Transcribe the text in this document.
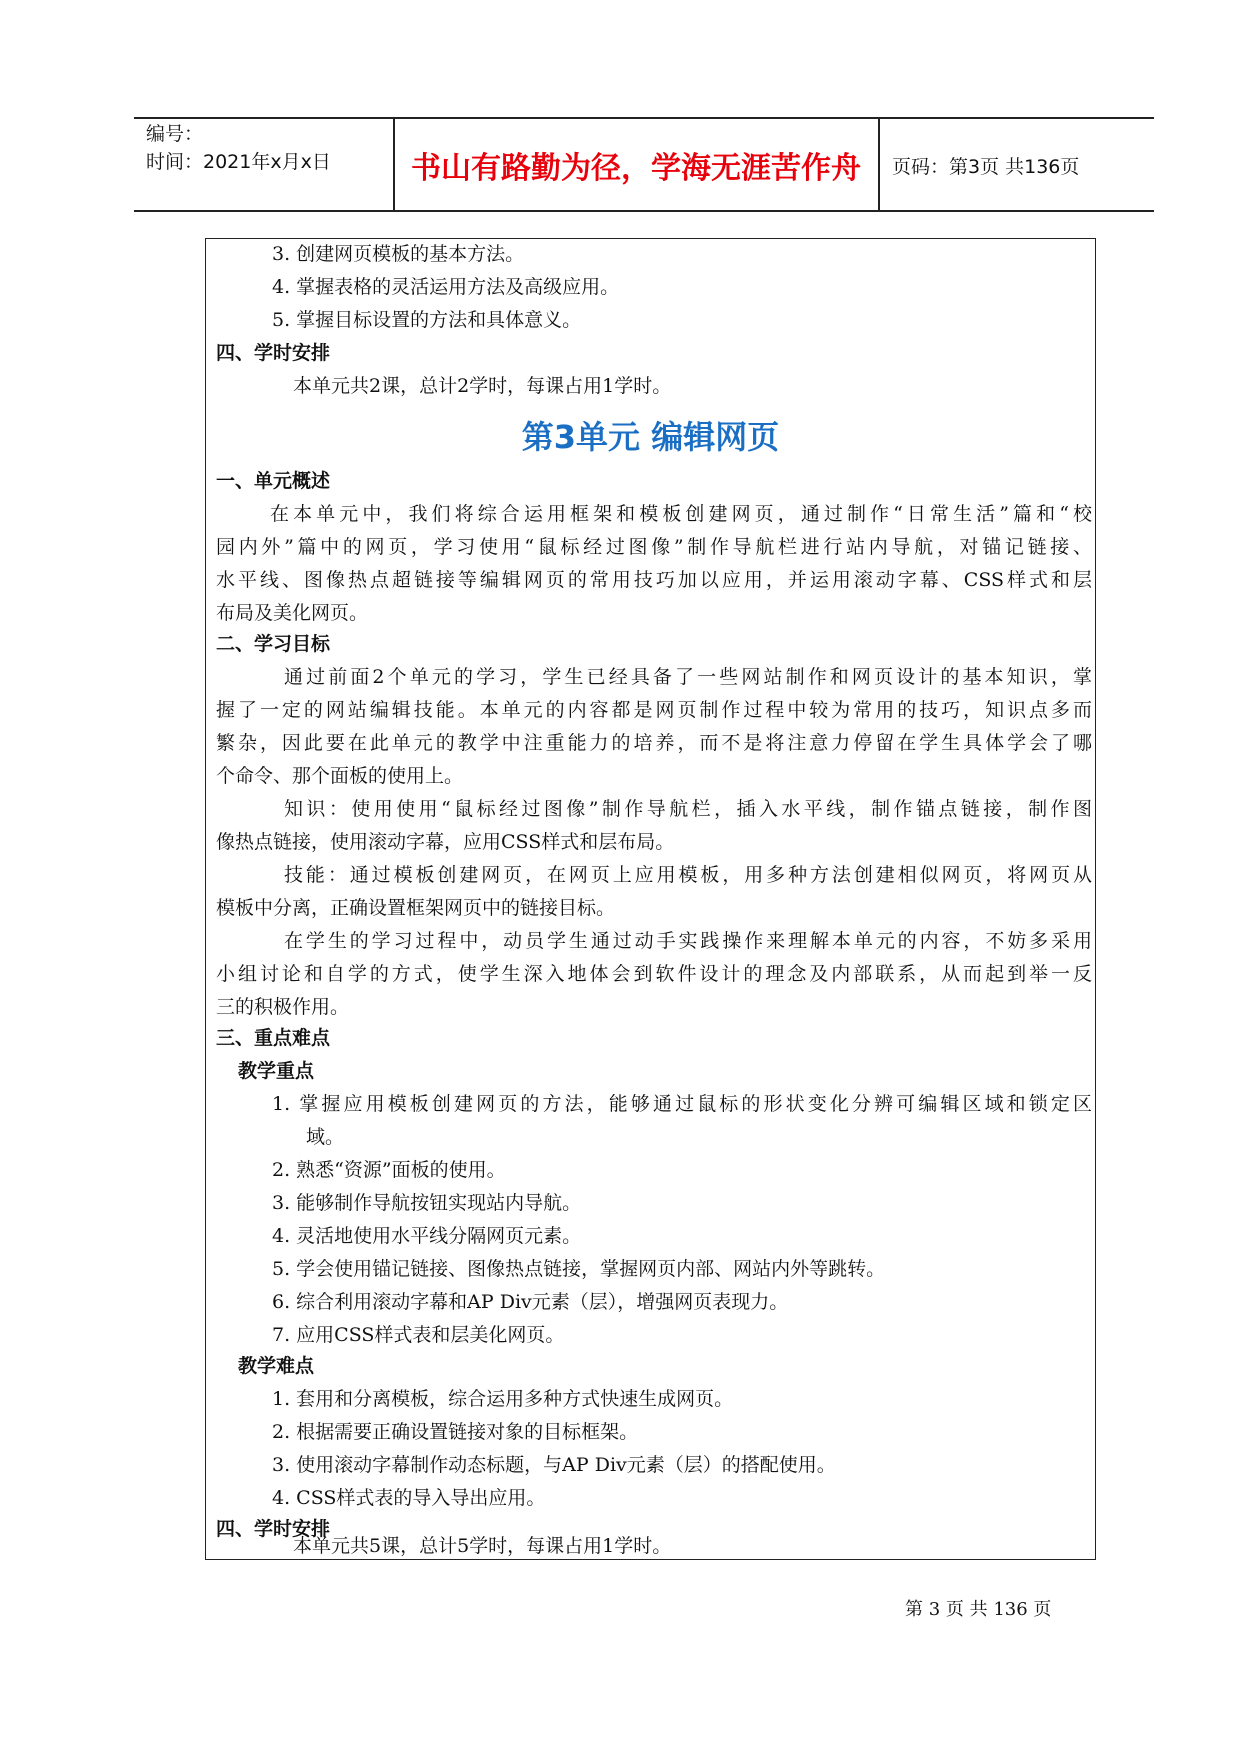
编号：
时间：2021年x月x日	书山有路勤为径，学海无涯苦作舟	页码：第3页 共136页
3. 创建网页模板的基本方法。
4. 掌握表格的灵活运用方法及高级应用。
5. 掌握目标设置的方法和具体意义。
四、学时安排
本单元共2课，总计2学时，每课占用1学时。
第3单元 编辑网页
一、单元概述
在本单元中，我们将综合运用框架和模板创建网页，通过制作“日常生活”篇和“校
园内外”篇中的网页，学习使用“鼠标经过图像”制作导航栏进行站内导航，对锚记链接、
水平线、图像热点超链接等编辑网页的常用技巧加以应用，并运用滚动字幕、CSS样式和层
布局及美化网页。
二、学习目标
通过前面2个单元的学习，学生已经具备了一些网站制作和网页设计的基本知识，掌
握了一定的网站编辑技能。本单元的内容都是网页制作过程中较为常用的技巧，知识点多而
繁杂，因此要在此单元的教学中注重能力的培养，而不是将注意力停留在学生具体学会了哪
个命令、那个面板的使用上。
知识：使用使用“鼠标经过图像”制作导航栏，插入水平线，制作锚点链接，制作图
像热点链接，使用滚动字幕，应用CSS样式和层布局。
技能：通过模板创建网页，在网页上应用模板，用多种方法创建相似网页，将网页从
模板中分离，正确设置框架网页中的链接目标。
在学生的学习过程中，动员学生通过动手实践操作来理解本单元的内容，不妨多采用
小组讨论和自学的方式，使学生深入地体会到软件设计的理念及内部联系，从而起到举一反
三的积极作用。
三、重点难点
教学重点
1. 掌握应用模板创建网页的方法，能够通过鼠标的形状变化分辨可编辑区域和锁定区
域。
2. 熟悉“资源”面板的使用。
3. 能够制作导航按钮实现站内导航。
4. 灵活地使用水平线分隔网页元素。
5. 学会使用锚记链接、图像热点链接，掌握网页内部、网站内外等跳转。
6. 综合利用滚动字幕和AP Div元素（层），增强网页表现力。
7. 应用CSS样式表和层美化网页。
教学难点
1. 套用和分离模板，综合运用多种方式快速生成网页。
2. 根据需要正确设置链接对象的目标框架。
3. 使用滚动字幕制作动态标题，与AP Div元素（层）的搭配使用。
4. CSS样式表的导入导出应用。
四、学时安排
本单元共5课，总计5学时，每课占用1学时。
第 3 页 共 136 页
